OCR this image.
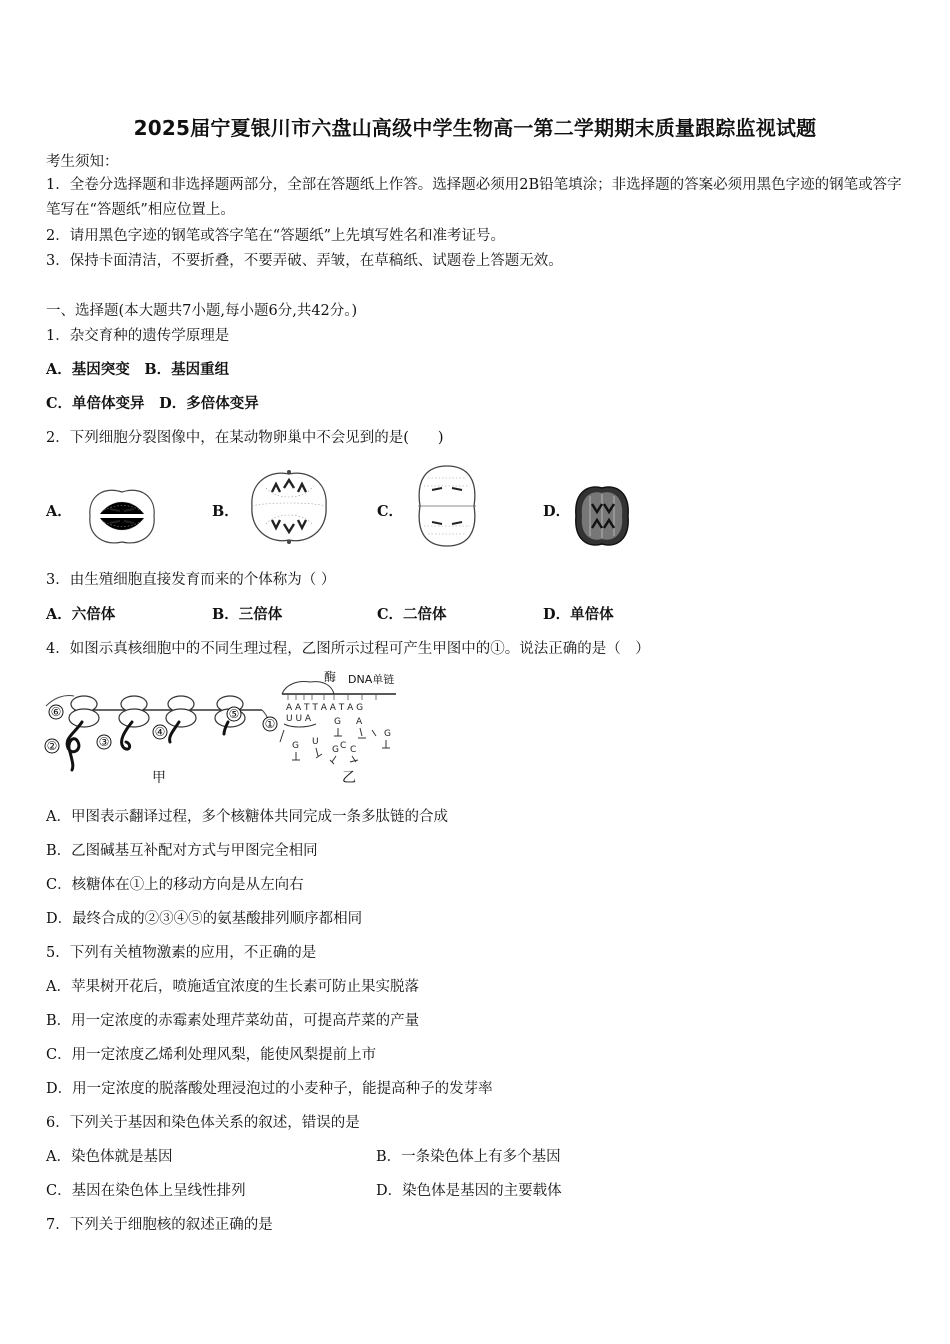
2025届宁夏银川市六盘山高级中学生物高一第二学期期末质量跟踪监视试题
考生须知：
1．全卷分选择题和非选择题两部分，全部在答题纸上作答。选择题必须用2B铅笔填涂；非选择题的答案必须用黑色字迹的钢笔或答字笔写在“答题纸”相应位置上。
2．请用黑色字迹的钢笔或答字笔在“答题纸”上先填写姓名和准考证号。
3．保持卡面清洁，不要折叠，不要弄破、弄皱，在草稿纸、试题卷上答题无效。
一、选择题(本大题共7小题,每小题6分,共42分。)
1．杂交育种的遗传学原理是
A．基因突变 B．基因重组
C．单倍体变异 D．多倍体变异
2．下列细胞分裂图像中，在某动物卵巢中不会见到的是(　　)
A．	B．	C．	D．
3．由生殖细胞直接发育而来的个体称为（ ）
A．六倍体	B．三倍体	C．二倍体	D．单倍体
4．如图示真核细胞中的不同生理过程，乙图所示过程可产生甲图中的①。说法正确的是（　）
⑥	⑤
④
③
②
①
甲
酶 DNA单链
A A T T A A T A G
U U A	G A
G U
G C C
G
乙
A．甲图表示翻译过程，多个核糖体共同完成一条多肽链的合成
B．乙图碱基互补配对方式与甲图完全相同
C．核糖体在①上的移动方向是从左向右
D．最终合成的②③④⑤的氨基酸排列顺序都相同
5．下列有关植物激素的应用，不正确的是
A．苹果树开花后，喷施适宜浓度的生长素可防止果实脱落
B．用一定浓度的赤霉素处理芹菜幼苗，可提高芹菜的产量
C．用一定浓度乙烯利处理风梨，能使风梨提前上市
D．用一定浓度的脱落酸处理浸泡过的小麦种子，能提高种子的发芽率
6．下列关于基因和染色体关系的叙述，错误的是
A．染色体就是基因	B．一条染色体上有多个基因
C．基因在染色体上呈线性排列	D．染色体是基因的主要载体
7．下列关于细胞核的叙述正确的是
